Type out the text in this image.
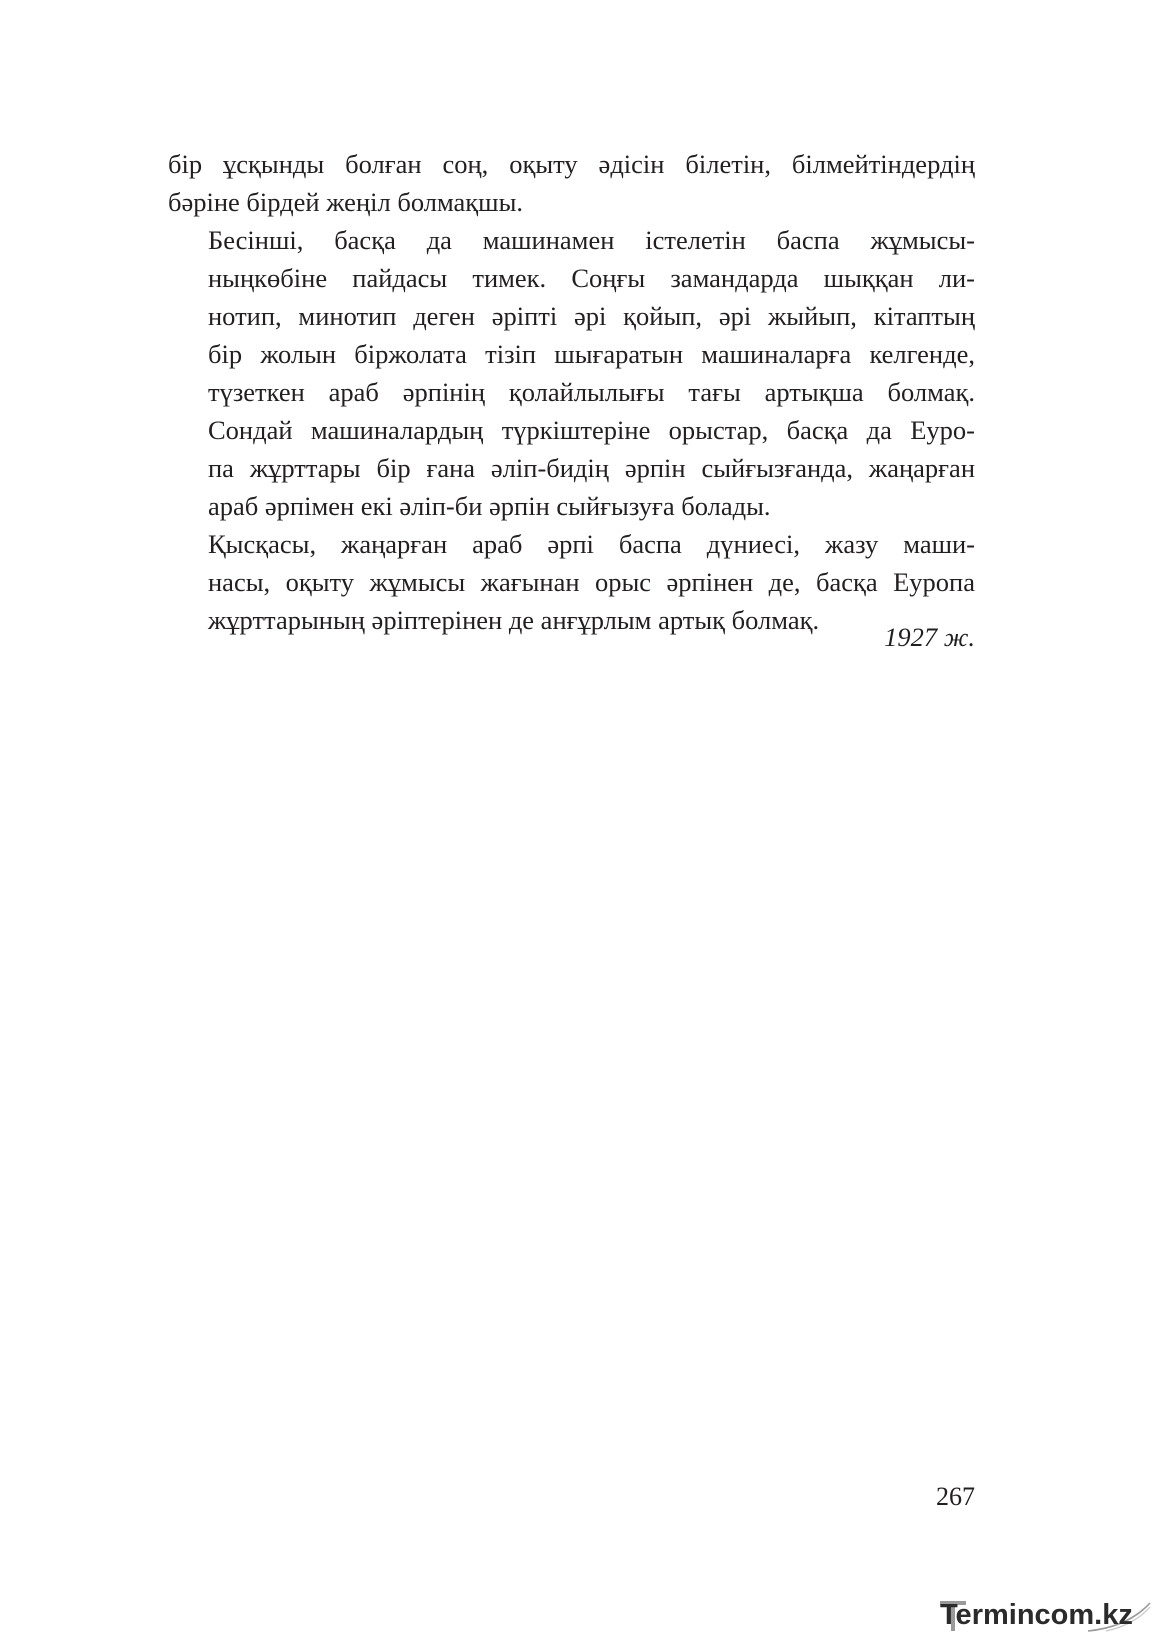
бір ұсқынды болған соң, оқыту әдісін білетін, білмейтіндердің
бәріне бірдей жеңіл болмақшы.

Бесінші, басқа да машинамен істелетін баспа жұмысы-
ныңкөбіне пайдасы тимек. Соңғы замандарда шыққан ли-
нотип, минотип деген әріпті әрі қойып, әрі жыйып, кітаптың
бір жолын біржолата тізіп шығаратын машиналарға келгенде,
түзеткен араб әрпінің қолайлылығы тағы артықша болмақ.
Сондай машиналардың түркіштеріне орыстар, басқа да Еуро-
па жұрттары бір ғана әліп-бидің әрпін сыйғызғанда, жаңарған
араб әрпімен екі әліп-би әрпін сыйғызуға болады.

Қысқасы, жаңарған араб әрпі баспа дүниесі, жазу маши-
насы, оқыту жұмысы жағынан орыс әрпінен де, басқа Еуропа
жұрттарының әріптерінен де анғұрлым артық болмақ.

1927 ж.
267
Termincom.kz
